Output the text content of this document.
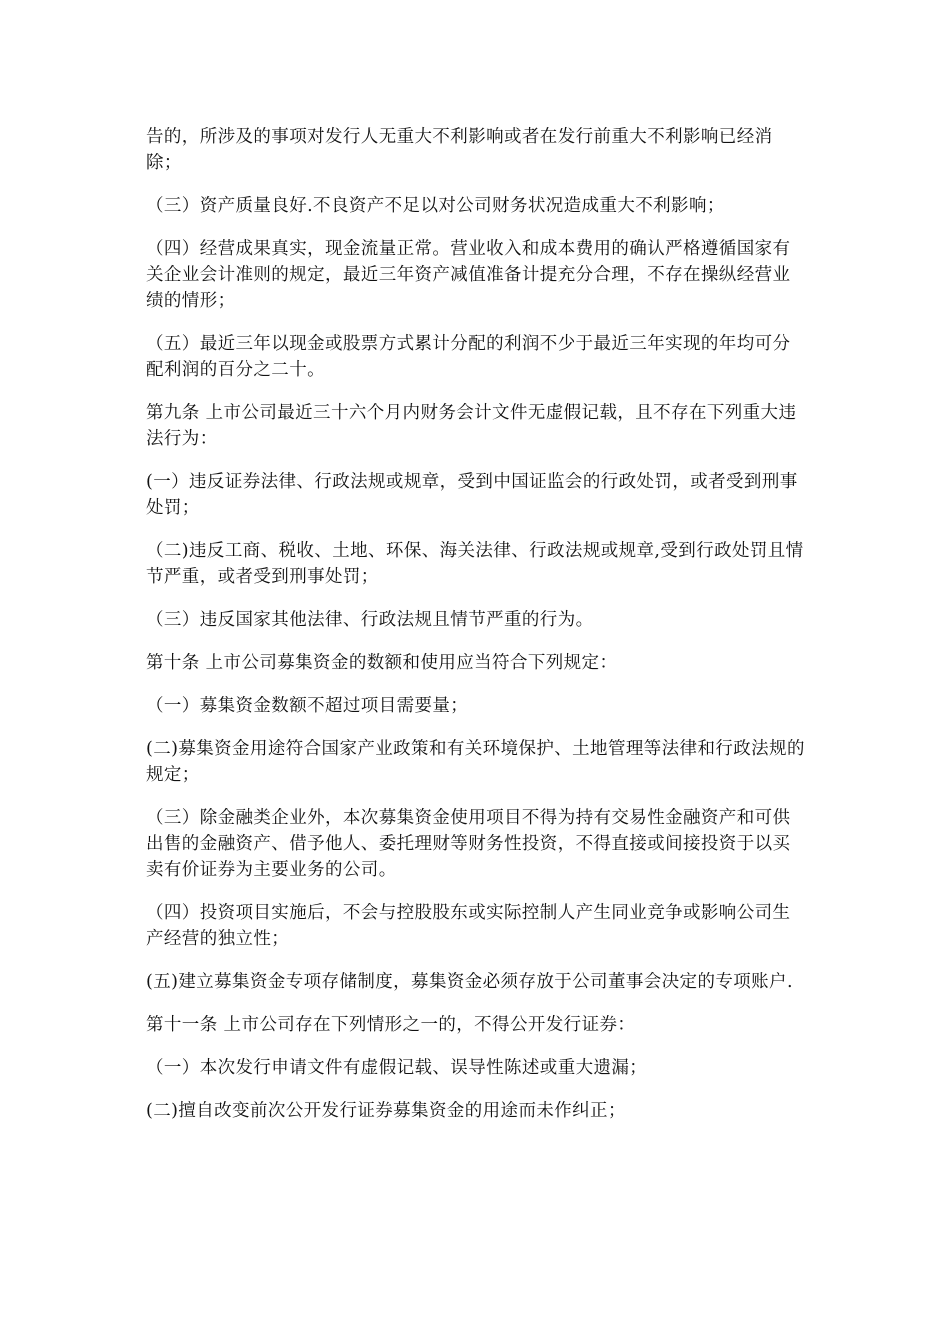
告的，所涉及的事项对发行人无重大不利影响或者在发行前重大不利影响已经消除；

（三）资产质量良好.不良资产不足以对公司财务状况造成重大不利影响；

（四）经营成果真实，现金流量正常。营业收入和成本费用的确认严格遵循国家有关企业会计准则的规定，最近三年资产减值准备计提充分合理，不存在操纵经营业绩的情形；

（五）最近三年以现金或股票方式累计分配的利润不少于最近三年实现的年均可分配利润的百分之二十。

第九条 上市公司最近三十六个月内财务会计文件无虚假记载，且不存在下列重大违法行为：

(一）违反证券法律、行政法规或规章，受到中国证监会的行政处罚，或者受到刑事处罚；

（二)违反工商、税收、土地、环保、海关法律、行政法规或规章,受到行政处罚且情节严重，或者受到刑事处罚；

（三）违反国家其他法律、行政法规且情节严重的行为。

第十条 上市公司募集资金的数额和使用应当符合下列规定：

（一）募集资金数额不超过项目需要量；

(二)募集资金用途符合国家产业政策和有关环境保护、土地管理等法律和行政法规的规定；

（三）除金融类企业外，本次募集资金使用项目不得为持有交易性金融资产和可供出售的金融资产、借予他人、委托理财等财务性投资，不得直接或间接投资于以买卖有价证券为主要业务的公司。

（四）投资项目实施后，不会与控股股东或实际控制人产生同业竞争或影响公司生产经营的独立性；

(五)建立募集资金专项存储制度，募集资金必须存放于公司董事会决定的专项账户.

第十一条 上市公司存在下列情形之一的，不得公开发行证券：

（一）本次发行申请文件有虚假记载、误导性陈述或重大遗漏；

(二)擅自改变前次公开发行证券募集资金的用途而未作纠正；
